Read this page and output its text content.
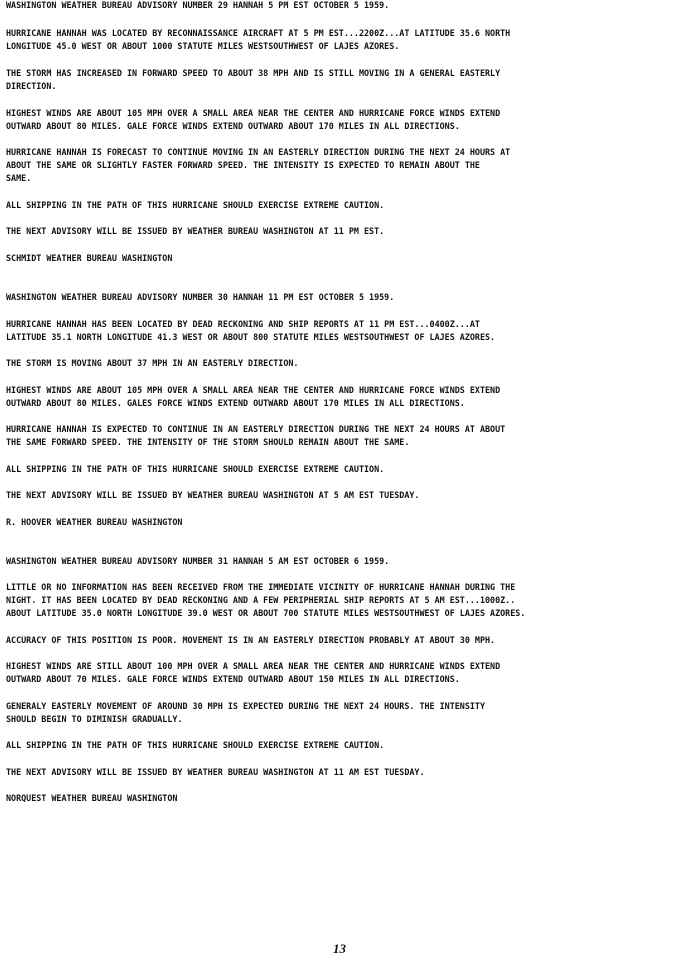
WASHINGTON WEATHER BUREAU ADVISORY NUMBER 29 HANNAH 5 PM EST OCTOBER 5 1959.
HURRICANE HANNAH WAS LOCATED BY RECONNAISSANCE AIRCRAFT AT 5 PM EST...2200Z...AT LATITUDE 35.6 NORTH
LONGITUDE 45.0 WEST OR ABOUT 1000 STATUTE MILES WESTSOUTHWEST OF LAJES AZORES.
THE STORM HAS INCREASED IN FORWARD SPEED TO ABOUT 38 MPH AND IS STILL MOVING IN A GENERAL EASTERLY
DIRECTION.
HIGHEST WINDS ARE ABOUT 105 MPH OVER A SMALL AREA NEAR THE CENTER AND HURRICANE FORCE WINDS EXTEND
OUTWARD ABOUT 80 MILES. GALE FORCE WINDS EXTEND OUTWARD ABOUT 170 MILES IN ALL DIRECTIONS.
HURRICANE HANNAH IS FORECAST TO CONTINUE MOVING IN AN EASTERLY DIRECTION DURING THE NEXT 24 HOURS AT
ABOUT THE SAME OR SLIGHTLY FASTER FORWARD SPEED. THE INTENSITY IS EXPECTED TO REMAIN ABOUT THE
SAME.
ALL SHIPPING IN THE PATH OF THIS HURRICANE SHOULD EXERCISE EXTREME CAUTION.
THE NEXT ADVISORY WILL BE ISSUED BY WEATHER BUREAU WASHINGTON AT 11 PM EST.
SCHMIDT WEATHER BUREAU WASHINGTON
WASHINGTON WEATHER BUREAU ADVISORY NUMBER 30 HANNAH 11 PM EST OCTOBER 5 1959.
HURRICANE HANNAH HAS BEEN LOCATED BY DEAD RECKONING AND SHIP REPORTS AT 11 PM EST...0400Z...AT
LATITUDE 35.1 NORTH LONGITUDE 41.3 WEST OR ABOUT 800 STATUTE MILES WESTSOUTHWEST OF LAJES AZORES.
THE STORM IS MOVING ABOUT 37 MPH IN AN EASTERLY DIRECTION.
HIGHEST WINDS ARE ABOUT 105 MPH OVER A SMALL AREA NEAR THE CENTER AND HURRICANE FORCE WINDS EXTEND
OUTWARD ABOUT 80 MILES. GALES FORCE WINDS EXTEND OUTWARD ABOUT 170 MILES IN ALL DIRECTIONS.
HURRICANE HANNAH IS EXPECTED TO CONTINUE IN AN EASTERLY DIRECTION DURING THE NEXT 24 HOURS AT ABOUT
THE SAME FORWARD SPEED. THE INTENSITY OF THE STORM SHOULD REMAIN ABOUT THE SAME.
ALL SHIPPING IN THE PATH OF THIS HURRICANE SHOULD EXERCISE EXTREME CAUTION.
THE NEXT ADVISORY WILL BE ISSUED BY WEATHER BUREAU WASHINGTON AT 5 AM EST TUESDAY.
R. HOOVER WEATHER BUREAU WASHINGTON
WASHINGTON WEATHER BUREAU ADVISORY NUMBER 31 HANNAH 5 AM EST OCTOBER 6 1959.
LITTLE OR NO INFORMATION HAS BEEN RECEIVED FROM THE IMMEDIATE VICINITY OF HURRICANE HANNAH DURING THE
NIGHT. IT HAS BEEN LOCATED BY DEAD RECKONING AND A FEW PERIPHERIAL SHIP REPORTS AT 5 AM EST...1000Z..
ABOUT LATITUDE 35.0 NORTH LONGITUDE 39.0 WEST OR ABOUT 700 STATUTE MILES WESTSOUTHWEST OF LAJES AZORES.
ACCURACY OF THIS POSITION IS POOR. MOVEMENT IS IN AN EASTERLY DIRECTION PROBABLY AT ABOUT 30 MPH.
HIGHEST WINDS ARE STILL ABOUT 100 MPH OVER A SMALL AREA NEAR THE CENTER AND HURRICANE WINDS EXTEND
OUTWARD ABOUT 70 MILES. GALE FORCE WINDS EXTEND OUTWARD ABOUT 150 MILES IN ALL DIRECTIONS.
GENERALY EASTERLY MOVEMENT OF AROUND 30 MPH IS EXPECTED DURING THE NEXT 24 HOURS. THE INTENSITY
SHOULD BEGIN TO DIMINISH GRADUALLY.
ALL SHIPPING IN THE PATH OF THIS HURRICANE SHOULD EXERCISE EXTREME CAUTION.
THE NEXT ADVISORY WILL BE ISSUED BY WEATHER BUREAU WASHINGTON AT 11 AM EST TUESDAY.
NORQUEST WEATHER BUREAU WASHINGTON
13
